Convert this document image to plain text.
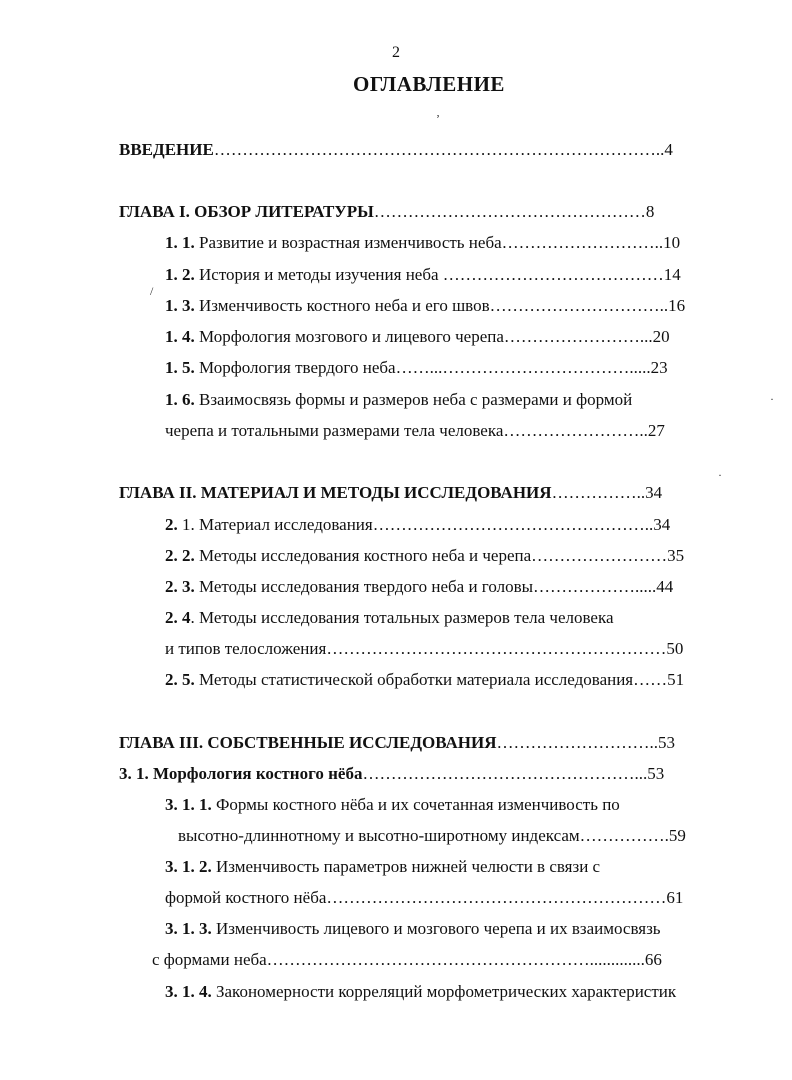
2
ОГЛАВЛЕНИЕ
ʼ
/
·
·
ВВЕДЕНИЕ……………………………………………………………………..4
ГЛАВА I. ОБЗОР ЛИТЕРАТУРЫ…………………………………………8
1. 1. Развитие и возрастная изменчивость неба………………………..10
1. 2. История и методы изучения неба …………………………………14
1. 3. Изменчивость костного неба и его швов…………………………..16
1. 4. Морфология мозгового и лицевого черепа……………………...20
1. 5. Морфология твердого неба……...…………………………….....23
1. 6. Взаимосвязь формы и размеров неба с размерами и формой
черепа и тотальными размерами тела человека……………………..27
ГЛАВА II. МАТЕРИАЛ И МЕТОДЫ ИССЛЕДОВАНИЯ……………..34
2. 1. Материал исследования…………………………………………..34
2. 2. Методы исследования костного неба и черепа……………………35
2. 3. Методы исследования твердого неба и головы……………….....44
2. 4. Методы исследования тотальных размеров тела человека
и типов телосложения……………………………………………………50
2. 5. Методы статистической обработки материала исследования……51
ГЛАВА III. СОБСТВЕННЫЕ ИССЛЕДОВАНИЯ………………………..53
3. 1. Морфология костного нёба…………………………………………...53
3. 1. 1. Формы костного нёба и их сочетанная изменчивость по
высотно-длиннотному и высотно-широтному индексам…………….59
3. 1. 2. Изменчивость параметров нижней челюсти в связи с
формой костного нёба……………………………………………………61
3. 1. 3. Изменчивость лицевого и мозгового черепа и их взаимосвязь
с формами неба………………………………………………….............66
3. 1. 4. Закономерности корреляций морфометрических характеристик
